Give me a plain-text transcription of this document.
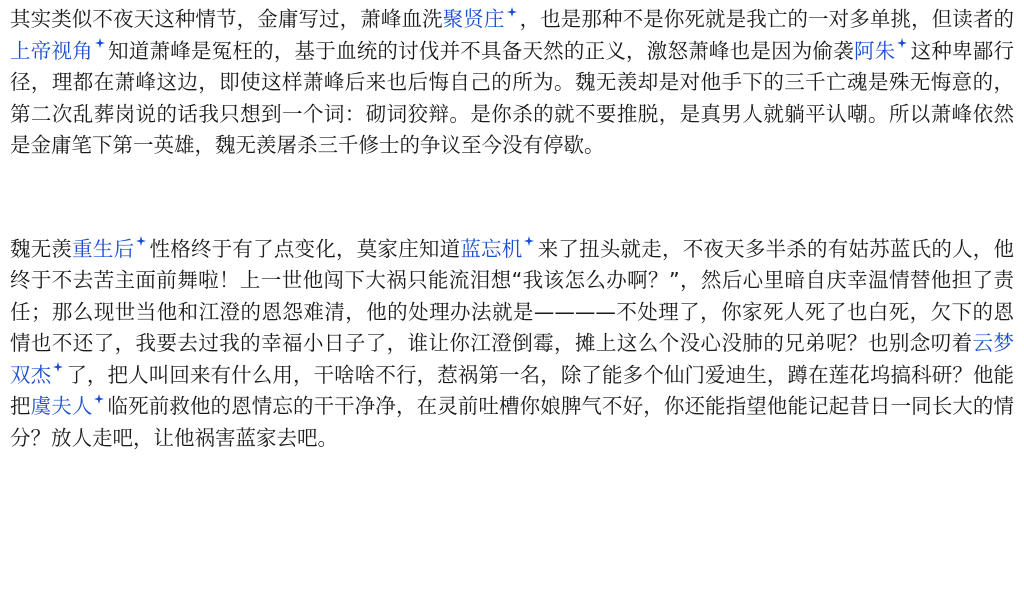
其实类似不夜天这种情节，金庸写过，萧峰血洗聚贤庄 ，也是那种不是你死就是我亡的一对多单挑，但读者的上帝视角 知道萧峰是冤枉的，基于血统的讨伐并不具备天然的正义，激怒萧峰也是因为偷袭阿朱 这种卑鄙行径，理都在萧峰这边，即使这样萧峰后来也后悔自己的所为。魏无羡却是对他手下的三千亡魂是殊无悔意的，第二次乱葬岗说的话我只想到一个词：砌词狡辩。是你杀的就不要推脱，是真男人就躺平认嘲。所以萧峰依然是金庸笔下第一英雄，魏无羡屠杀三千修士的争议至今没有停歇。

魏无羡重生后 性格终于有了点变化，莫家庄知道蓝忘机 来了扭头就走，不夜天多半杀的有姑苏蓝氏的人，他终于不去苦主面前舞啦！上一世他闯下大祸只能流泪想“我该怎么办啊？”，然后心里暗自庆幸温情替他担了责任；那么现世当他和江澄的恩怨难清，他的处理办法就是————不处理了，你家死人死了也白死，欠下的恩情也不还了，我要去过我的幸福小日子了，谁让你江澄倒霉，摊上这么个没心没肺的兄弟呢？也别念叨着云梦双杰 了，把人叫回来有什么用，干啥啥不行，惹祸第一名，除了能多个仙门爱迪生，蹲在莲花坞搞科研？他能把虞夫人 临死前救他的恩情忘的干干净净，在灵前吐槽你娘脾气不好，你还能指望他能记起昔日一同长大的情分？放人走吧，让他祸害蓝家去吧。
